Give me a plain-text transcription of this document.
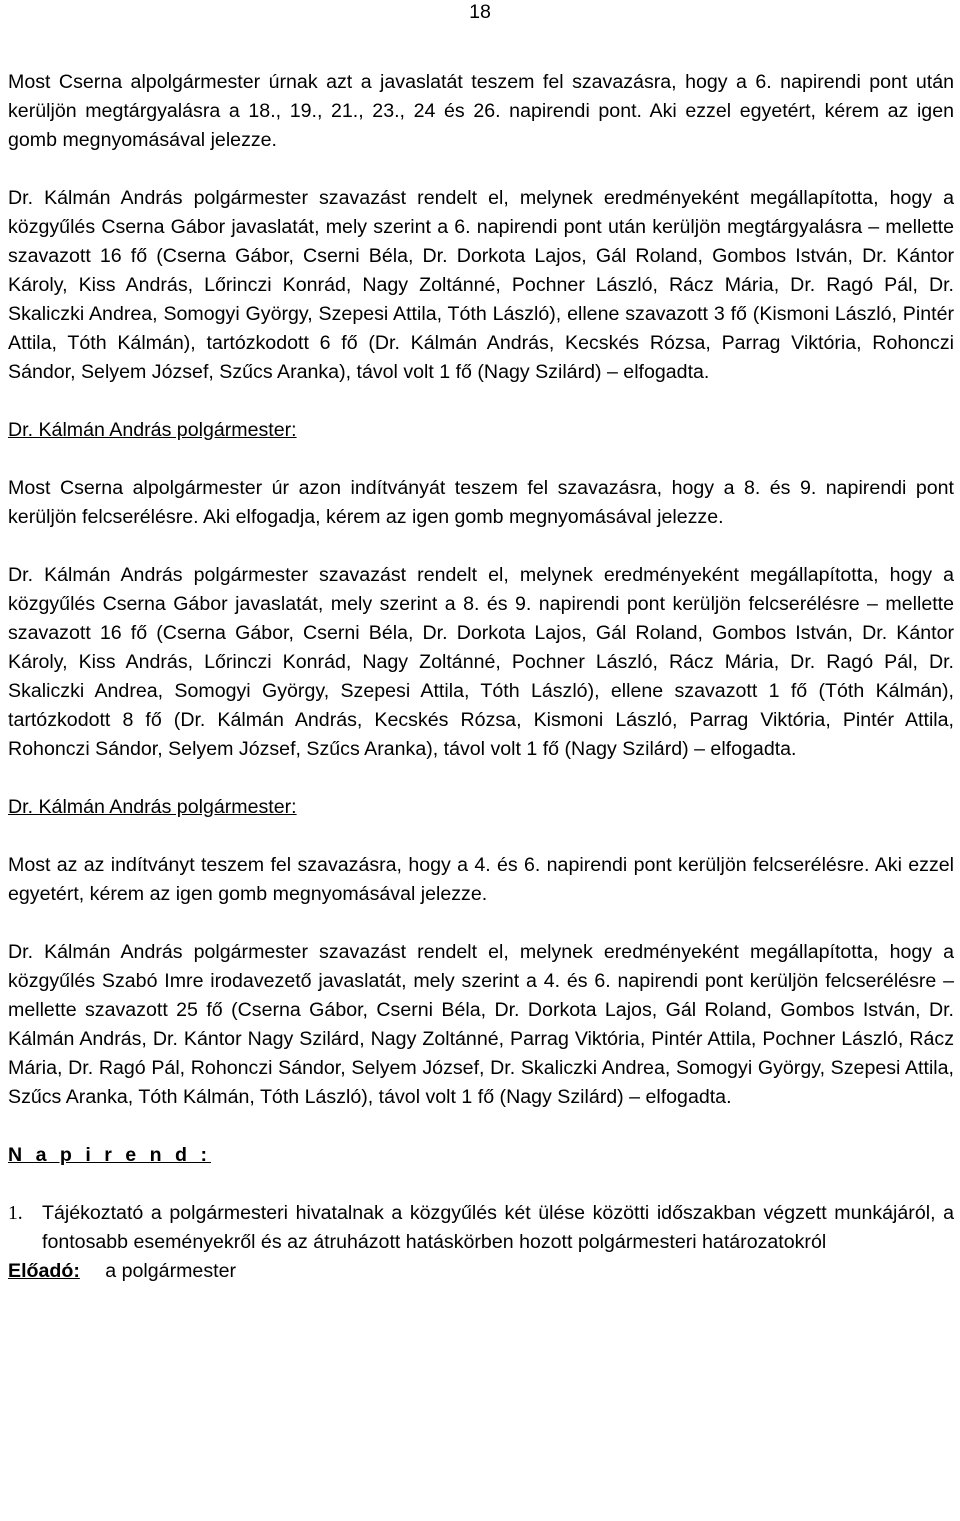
18

Most Cserna alpolgármester úrnak azt a javaslatát teszem fel szavazásra, hogy a 6. napirendi pont után kerüljön megtárgyalásra a 18., 19., 21., 23., 24 és 26. napirendi pont. Aki ezzel egyetért, kérem az igen gomb megnyomásával jelezze.

Dr. Kálmán András polgármester szavazást rendelt el, melynek eredményeként megállapította, hogy a közgyűlés Cserna Gábor javaslatát, mely szerint a 6. napirendi pont után kerüljön megtárgyalásra – mellette szavazott 16 fő (Cserna Gábor, Cserni Béla, Dr. Dorkota Lajos, Gál Roland, Gombos István, Dr. Kántor Károly, Kiss András, Lőrinczi Konrád, Nagy Zoltánné, Pochner László, Rácz Mária, Dr. Ragó Pál, Dr. Skaliczki Andrea, Somogyi György, Szepesi Attila, Tóth László), ellene szavazott 3 fő (Kismoni László, Pintér Attila, Tóth Kálmán), tartózkodott 6 fő (Dr. Kálmán András, Kecskés Rózsa, Parrag Viktória, Rohonczi Sándor, Selyem József, Szűcs Aranka), távol volt 1 fő (Nagy Szilárd) – elfogadta.

Dr. Kálmán András polgármester:

Most Cserna alpolgármester úr azon indítványát teszem fel szavazásra, hogy a 8. és 9. napirendi pont kerüljön felcserélésre. Aki elfogadja, kérem az igen gomb megnyomásával jelezze.

Dr. Kálmán András polgármester szavazást rendelt el, melynek eredményeként megállapította, hogy a közgyűlés Cserna Gábor javaslatát, mely szerint a 8. és 9. napirendi pont kerüljön felcserélésre – mellette szavazott 16 fő (Cserna Gábor, Cserni Béla, Dr. Dorkota Lajos, Gál Roland, Gombos István, Dr. Kántor Károly, Kiss András, Lőrinczi Konrád, Nagy Zoltánné, Pochner László, Rácz Mária, Dr. Ragó Pál, Dr. Skaliczki Andrea, Somogyi György, Szepesi Attila, Tóth László), ellene szavazott 1 fő (Tóth Kálmán), tartózkodott 8 fő (Dr. Kálmán András, Kecskés Rózsa, Kismoni László, Parrag Viktória, Pintér Attila, Rohonczi Sándor, Selyem József, Szűcs Aranka), távol volt 1 fő (Nagy Szilárd) – elfogadta.

Dr. Kálmán András polgármester:

Most az az indítványt teszem fel szavazásra, hogy a 4. és 6. napirendi pont kerüljön felcserélésre. Aki ezzel egyetért, kérem az igen gomb megnyomásával jelezze.

Dr. Kálmán András polgármester szavazást rendelt el, melynek eredményeként megállapította, hogy a közgyűlés Szabó Imre irodavezető javaslatát, mely szerint a 4. és 6. napirendi pont kerüljön felcserélésre – mellette szavazott 25 fő (Cserna Gábor, Cserni Béla, Dr. Dorkota Lajos, Gál Roland, Gombos István, Dr. Kálmán András, Dr. Kántor Nagy Szilárd, Nagy Zoltánné, Parrag Viktória, Pintér Attila, Pochner László, Rácz Mária, Dr. Ragó Pál, Rohonczi Sándor, Selyem József, Dr. Skaliczki Andrea, Somogyi György, Szepesi Attila, Szűcs Aranka, Tóth Kálmán, Tóth László), távol volt 1 fő (Nagy Szilárd) – elfogadta.

N a p i r e n d :
1. Tájékoztató a polgármesteri hivatalnak a közgyűlés két ülése közötti időszakban végzett munkájáról, a fontosabb eseményekről és az átruházott hatáskörben hozott polgármesteri határozatokról
Előadó: a polgármester
